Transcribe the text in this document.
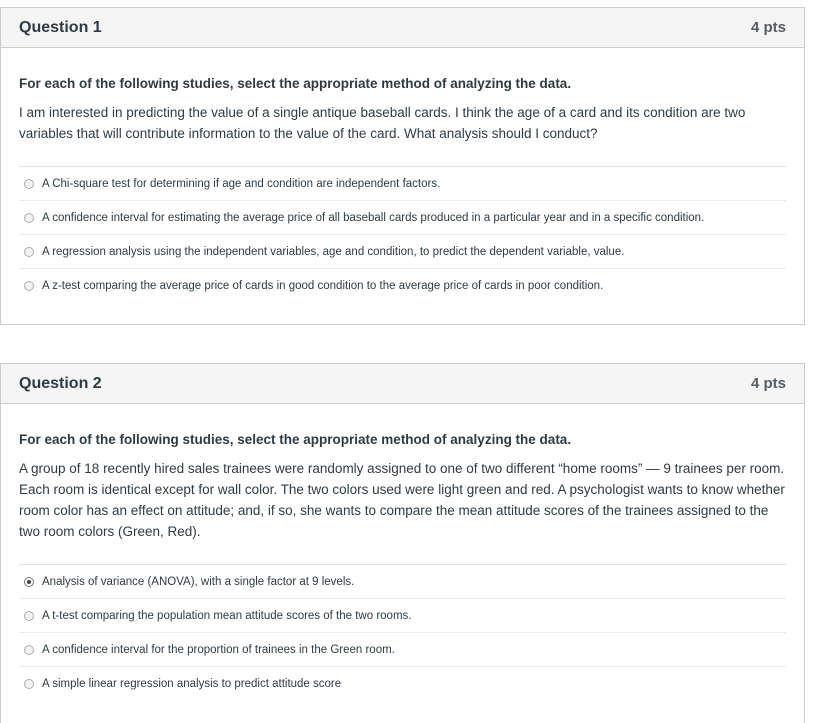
Question 1	4 pts

For each of the following studies, select the appropriate method of analyzing the data.

I am interested in predicting the value of a single antique baseball cards. I think the age of a card and its condition are two variables that will contribute information to the value of the card. What analysis should I conduct?

A Chi-square test for determining if age and condition are independent factors.
A confidence interval for estimating the average price of all baseball cards produced in a particular year and in a specific condition.
A regression analysis using the independent variables, age and condition, to predict the dependent variable, value.
A z-test comparing the average price of cards in good condition to the average price of cards in poor condition.
Question 2	4 pts

For each of the following studies, select the appropriate method of analyzing the data.

A group of 18 recently hired sales trainees were randomly assigned to one of two different “home rooms” — 9 trainees per room. Each room is identical except for wall color. The two colors used were light green and red. A psychologist wants to know whether room color has an effect on attitude; and, if so, she wants to compare the mean attitude scores of the trainees assigned to the two room colors (Green, Red).

Analysis of variance (ANOVA), with a single factor at 9 levels.
A t-test comparing the population mean attitude scores of the two rooms.
A confidence interval for the proportion of trainees in the Green room.
A simple linear regression analysis to predict attitude score
